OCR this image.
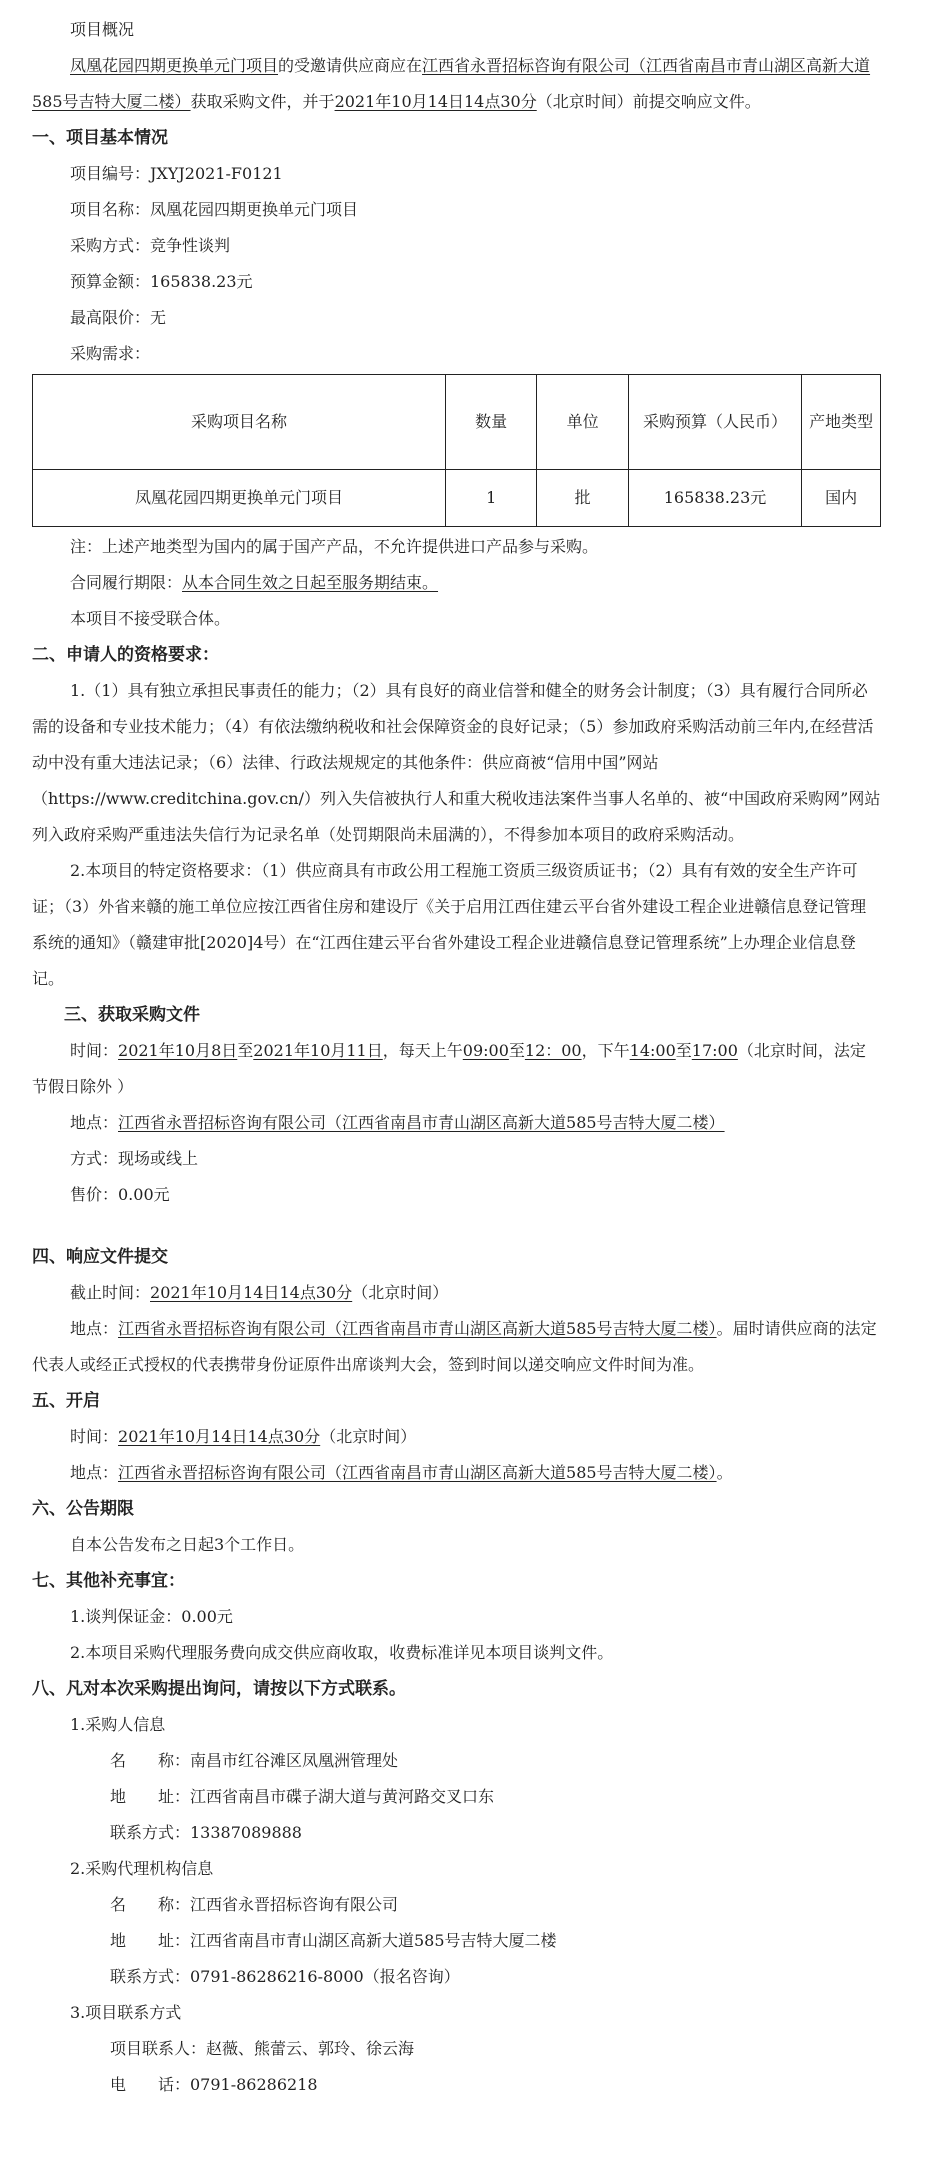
项目概况

凤凰花园四期更换单元门项目的受邀请供应商应在江西省永晋招标咨询有限公司（江西省南昌市青山湖区高新大道585号吉特大厦二楼）获取采购文件，并于2021年10月14日14点30分（北京时间）前提交响应文件。

一、项目基本情况

项目编号：JXYJ2021-F0121

项目名称：凤凰花园四期更换单元门项目

采购方式：竞争性谈判

预算金额：165838.23元

最高限价：无

采购需求：

采购项目名称	数量	单位	采购预算（人民币）	产地类型
凤凰花园四期更换单元门项目	1	批	165838.23元	国内

注：上述产地类型为国内的属于国产产品，不允许提供进口产品参与采购。

合同履行期限：从本合同生效之日起至服务期结束。

本项目不接受联合体。

二、申请人的资格要求：

1.（1）具有独立承担民事责任的能力；（2）具有良好的商业信誉和健全的财务会计制度；（3）具有履行合同所必需的设备和专业技术能力；（4）有依法缴纳税收和社会保障资金的良好记录；（5）参加政府采购活动前三年内,在经营活动中没有重大违法记录；（6）法律、行政法规规定的其他条件：供应商被“信用中国”网站（https://www.creditchina.gov.cn/）列入失信被执行人和重大税收违法案件当事人名单的、被“中国政府采购网”网站列入政府采购严重违法失信行为记录名单（处罚期限尚未届满的），不得参加本项目的政府采购活动。

2.本项目的特定资格要求：（1）供应商具有市政公用工程施工资质三级资质证书；（2）具有有效的安全生产许可证；（3）外省来赣的施工单位应按江西省住房和建设厅《关于启用江西住建云平台省外建设工程企业进赣信息登记管理系统的通知》（赣建审批[2020]4号）在“江西住建云平台省外建设工程企业进赣信息登记管理系统”上办理企业信息登记。

三、获取采购文件

时间：2021年10月8日至2021年10月11日，每天上午09:00至12：00，下午14:00至17:00（北京时间，法定节假日除外 ）

地点：江西省永晋招标咨询有限公司（江西省南昌市青山湖区高新大道585号吉特大厦二楼）

方式：现场或线上

售价：0.00元

四、响应文件提交

截止时间：2021年10月14日14点30分（北京时间）

地点：江西省永晋招标咨询有限公司（江西省南昌市青山湖区高新大道585号吉特大厦二楼）。届时请供应商的法定代表人或经正式授权的代表携带身份证原件出席谈判大会，签到时间以递交响应文件时间为准。

五、开启

时间：2021年10月14日14点30分（北京时间）

地点：江西省永晋招标咨询有限公司（江西省南昌市青山湖区高新大道585号吉特大厦二楼）。

六、公告期限

自本公告发布之日起3个工作日。

七、其他补充事宜：

1.谈判保证金：0.00元

2.本项目采购代理服务费向成交供应商收取，收费标准详见本项目谈判文件。

八、凡对本次采购提出询问，请按以下方式联系。

1.采购人信息

名　　称：南昌市红谷滩区凤凰洲管理处

地　　址：江西省南昌市碟子湖大道与黄河路交叉口东

联系方式：13387089888

2.采购代理机构信息

名　　称：江西省永晋招标咨询有限公司

地　　址：江西省南昌市青山湖区高新大道585号吉特大厦二楼

联系方式：0791-86286216-8000（报名咨询）

3.项目联系方式

项目联系人：赵薇、熊蕾云、郭玲、徐云海

电　　话：0791-86286218
